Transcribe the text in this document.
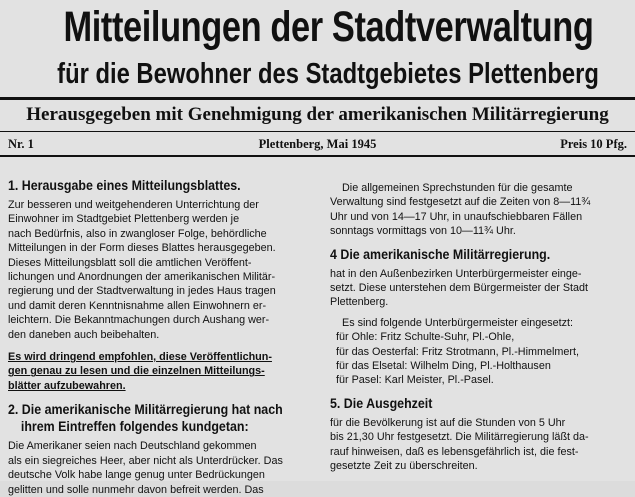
Mitteilungen der Stadtverwaltung
für die Bewohner des Stadtgebietes Plettenberg
Herausgegeben mit Genehmigung der amerikanischen Militärregierung
Nr. 1	Plettenberg, Mai 1945	Preis 10 Pfg.

1. Herausgabe eines Mitteilungsblattes.

Zur besseren und weitgehenderen Unterrichtung der

Einwohner im Stadtgebiet Plettenberg werden je

nach Bedürfnis, also in zwangloser Folge, behördliche

Mitteilungen in der Form dieses Blattes herausgegeben.

Dieses Mitteilungsblatt soll die amtlichen Veröffent-

lichungen und Anordnungen der amerikanischen Militär-

regierung und der Stadtverwaltung in jedes Haus tragen

und damit deren Kenntnisnahme allen Einwohnern er-

leichtern. Die Bekanntmachungen durch Aushang wer-

den daneben auch beibehalten.

Es wird dringend empfohlen, diese Veröffentlichun-

gen genau zu lesen und die einzelnen Mitteilungs-

blätter aufzubewahren.

2. Die amerikanische Militärregierung hat nach

ihrem Eintreffen folgendes kundgetan:

Die Amerikaner seien nach Deutschland gekommen

als ein siegreiches Heer, aber nicht als Unterdrücker. Das

deutsche Volk habe lange genug unter Bedrückungen

gelitten und solle nunmehr davon befreit werden. Das

Die allgemeinen Sprechstunden für die gesamte

Verwaltung sind festgesetzt auf die Zeiten von 8—11¾

Uhr und von 14—17 Uhr, in unaufschiebbaren Fällen

sonntags vormittags von 10—11¾ Uhr.

4 Die amerikanische Militärregierung.

hat in den Außenbezirken Unterbürgermeister einge-

setzt. Diese unterstehen dem Bürgermeister der Stadt

Plettenberg.

Es sind folgende Unterbürgermeister eingesetzt:

für Ohle: Fritz Schulte-Suhr, Pl.-Ohle,

für das Oesterfal: Fritz Strotmann, Pl.-Himmelmert,

für das Elsetal: Wilhelm Ding, Pl.-Holthausen

für Pasel: Karl Meister, Pl.-Pasel.

5. Die Ausgehzeit

für die Bevölkerung ist auf die Stunden von 5 Uhr

bis 21,30 Uhr festgesetzt. Die Militärregierung läßt da-

rauf hinweisen, daß es lebensgefährlich ist, die fest-

gesetzte Zeit zu überschreiten.
